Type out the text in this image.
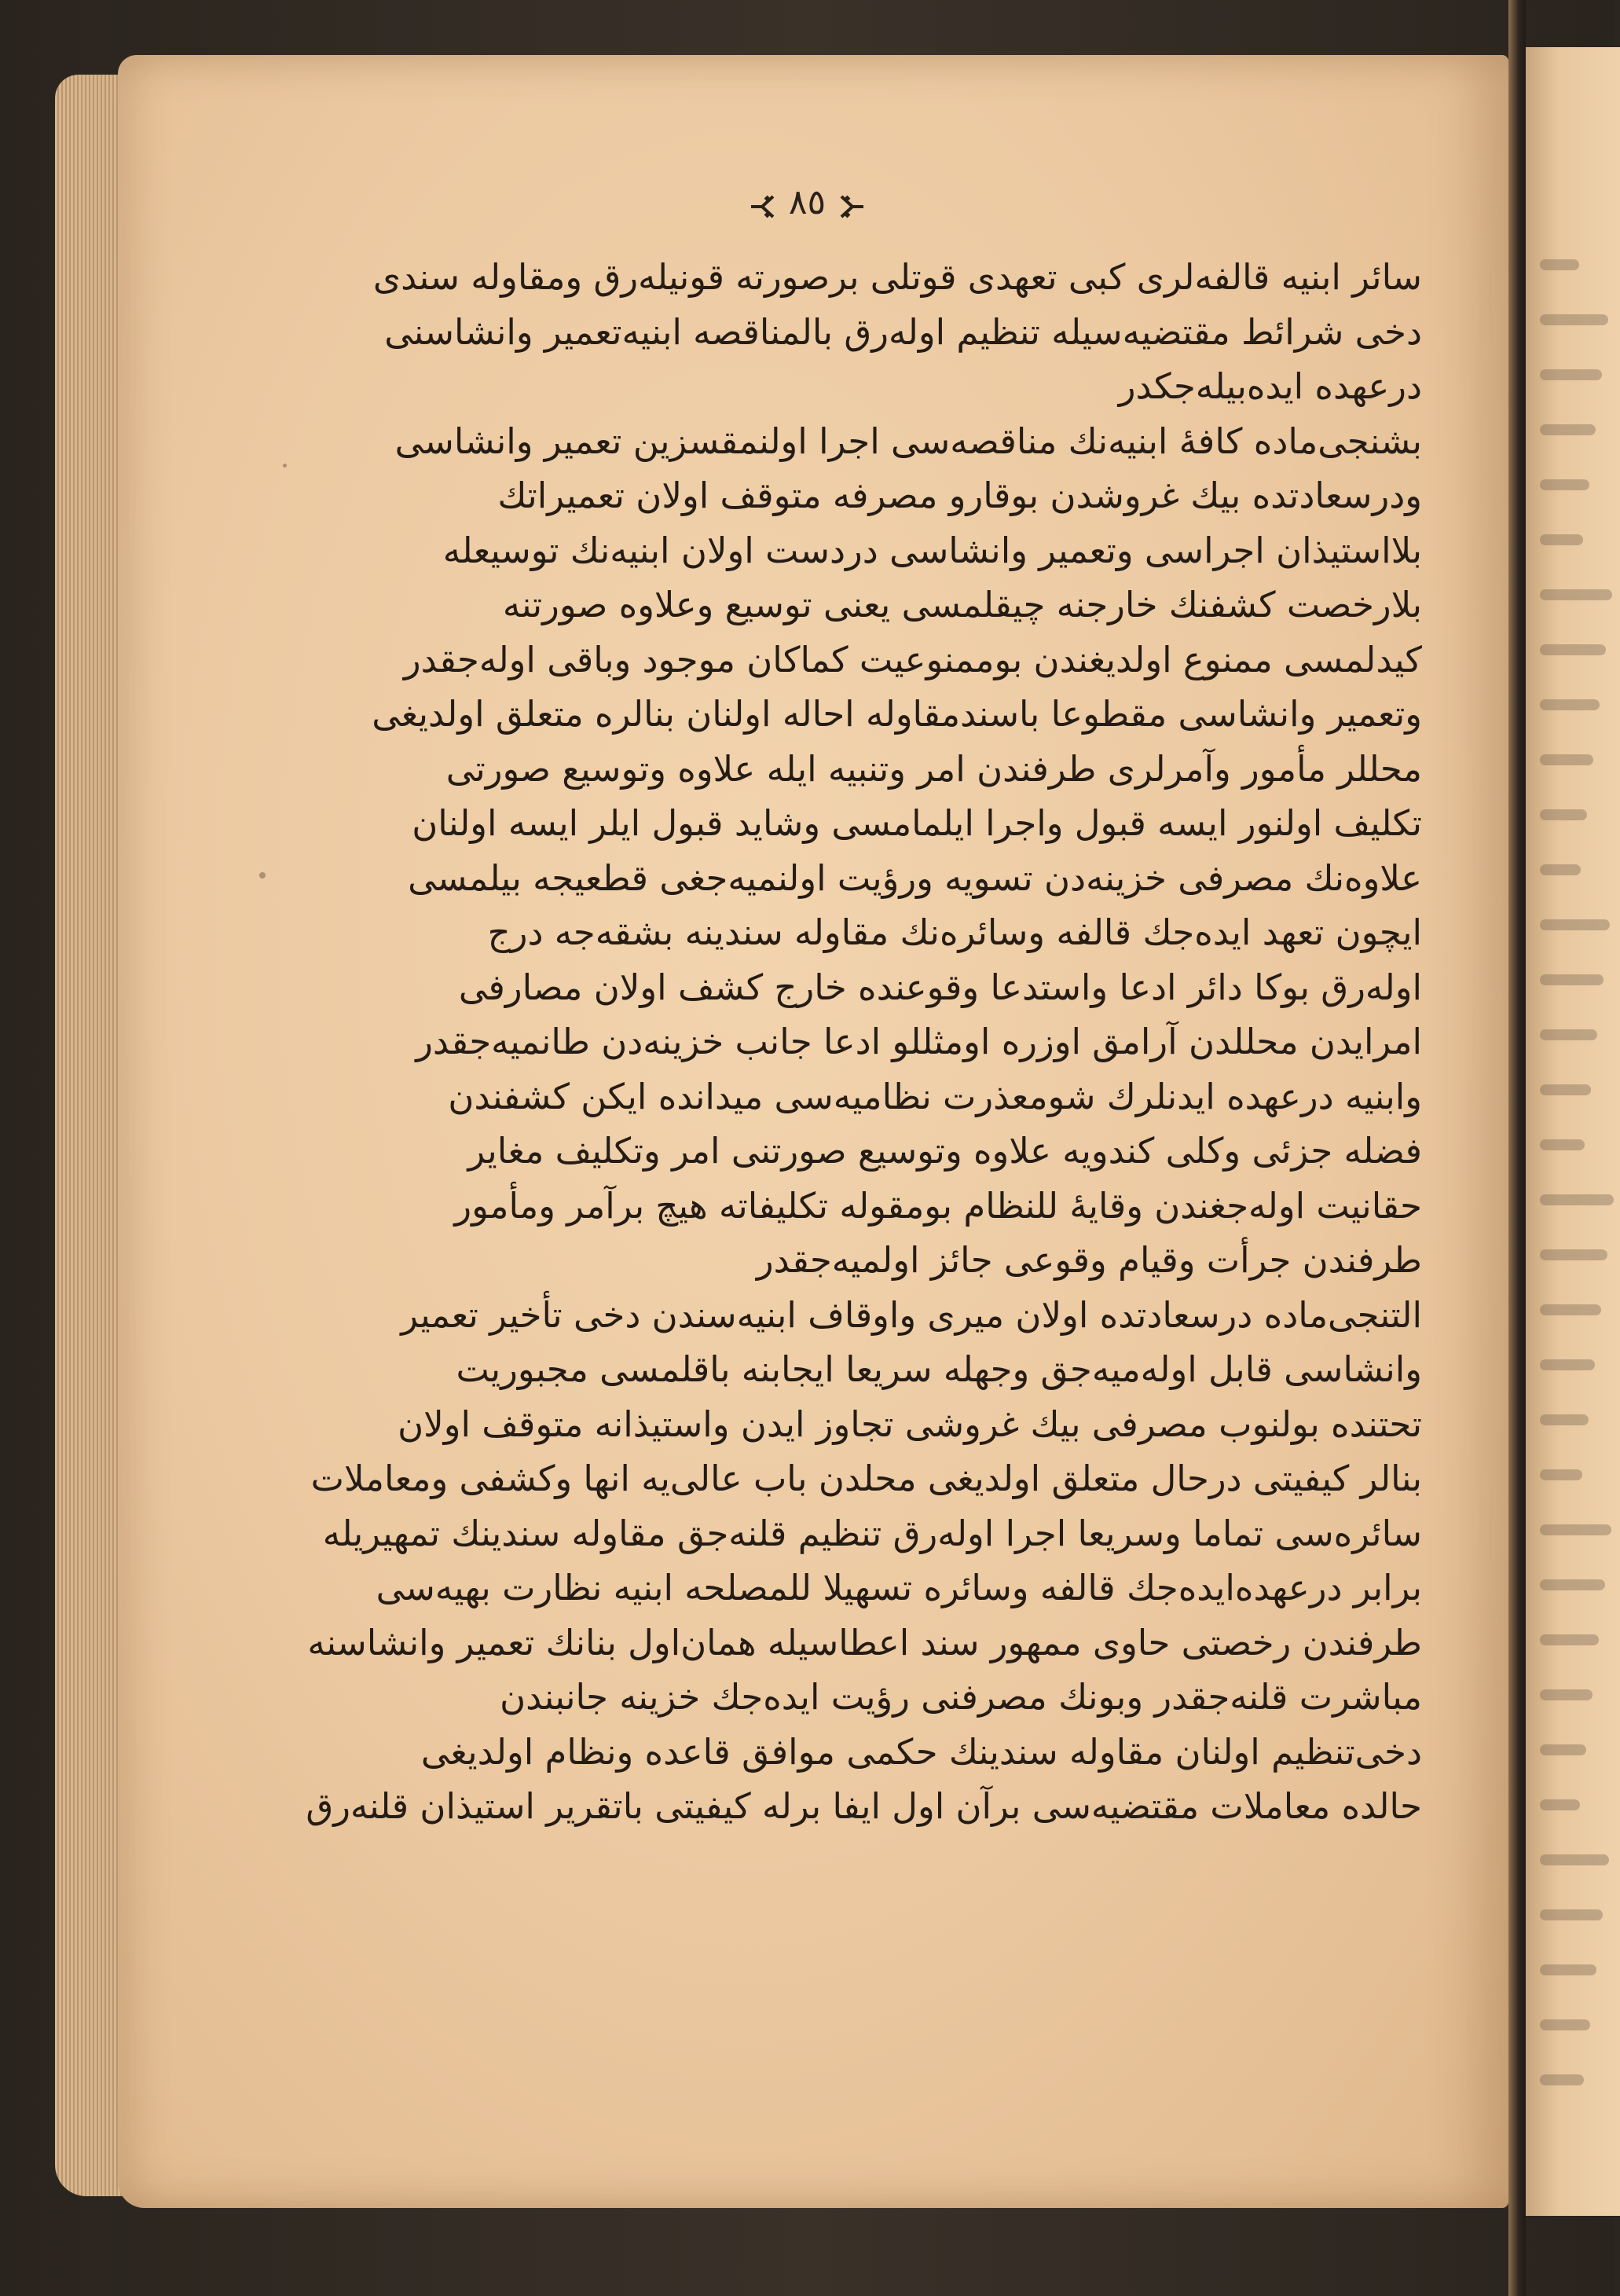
٨٥
سائر ابنیه قالفه‌لری کبی تعهدی قوتلی برصورته قونیله‌رق ومقاوله سندی
دخی شرائط مقتضیه‌سیله تنظیم اوله‌رق بالمناقصه ابنیه‌تعمیر وانشاسنی
درعهده ایده‌بیله‌جکدر
بشنجی‌ماده کافهٔ ابنیه‌نك مناقصه‌سی اجرا اولنمقسزین تعمیر وانشاسی
ودرسعادتده بیك غروشدن بوقارو مصرفه متوقف اولان تعمیراتك
بلااستیذان اجراسی وتعمیر وانشاسی دردست اولان ابنیه‌نك توسیعله
بلارخصت کشفنك خارجنه چیقلمسی یعنی توسیع وعلاوه صورتنه
کیدلمسی ممنوع اولدیغندن بوممنوعیت کماکان موجود وباقی اوله‌جقدر
وتعمیر وانشاسی مقطوعا باسندمقاوله احاله اولنان بنالره متعلق اولدیغی
محللر مأمور وآمرلری طرفندن امر وتنبیه ایله علاوه وتوسیع صورتی
تکلیف اولنور ایسه قبول واجرا ایلمامسی وشاید قبول ایلر ایسه اولنان
علاوه‌نك مصرفی خزینه‌دن تسویه ورؤیت اولنمیه‌جغی قطعیجه بیلمسی
ایچون تعهد ایده‌جك قالفه وسائره‌نك مقاوله سندینه بشقه‌جه درج
اوله‌رق بوکا دائر ادعا واستدعا وقوعنده خارج کشف اولان مصارفی
امرایدن محللدن آرامق اوزره اومثللو ادعا جانب خزینه‌دن طانمیه‌جقدر
وابنیه درعهده ایدنلرك شومعذرت نظامیه‌سی میدانده ایکن کشفندن
فضله جزئی وکلی کندویه علاوه وتوسیع صورتنی امر وتکلیف مغایر
حقانیت اوله‌جغندن وقایهٔ للنظام بومقوله تکلیفاته هیچ برآمر ومأمور
طرفندن جرأت وقیام وقوعی جائز اولمیه‌جقدر
التنجی‌ماده درسعادتده اولان میری واوقاف ابنیه‌سندن دخی تأخیر تعمیر
وانشاسی قابل اوله‌میه‌جق وجهله سریعا ایجابنه باقلمسی مجبوریت
تحتنده بولنوب مصرفی بیك غروشی تجاوز ایدن واستیذانه متوقف اولان
بنالر کیفیتی درحال متعلق اولدیغی محلدن باب عالی‌یه انها وکشفی ومعاملات
سائره‌سی تماما وسریعا اجرا اوله‌رق تنظیم قلنه‌جق مقاوله سندینك تمهیریله
برابر درعهده‌ایده‌جك قالفه وسائره تسهیلا للمصلحه ابنیه نظارت بهیه‌سی
طرفندن رخصتی حاوی ممهور سند اعطاسیله همان‌اول بنانك تعمیر وانشاسنه
مباشرت قلنه‌جقدر وبونك مصرفنی رؤیت ایده‌جك خزینه جانبندن
دخی‌تنظیم اولنان مقاوله سندینك حکمی موافق قاعده ونظام اولدیغی
حالده معاملات مقتضیه‌سی برآن اول ایفا برله کیفیتی باتقریر استیذان قلنه‌رق
